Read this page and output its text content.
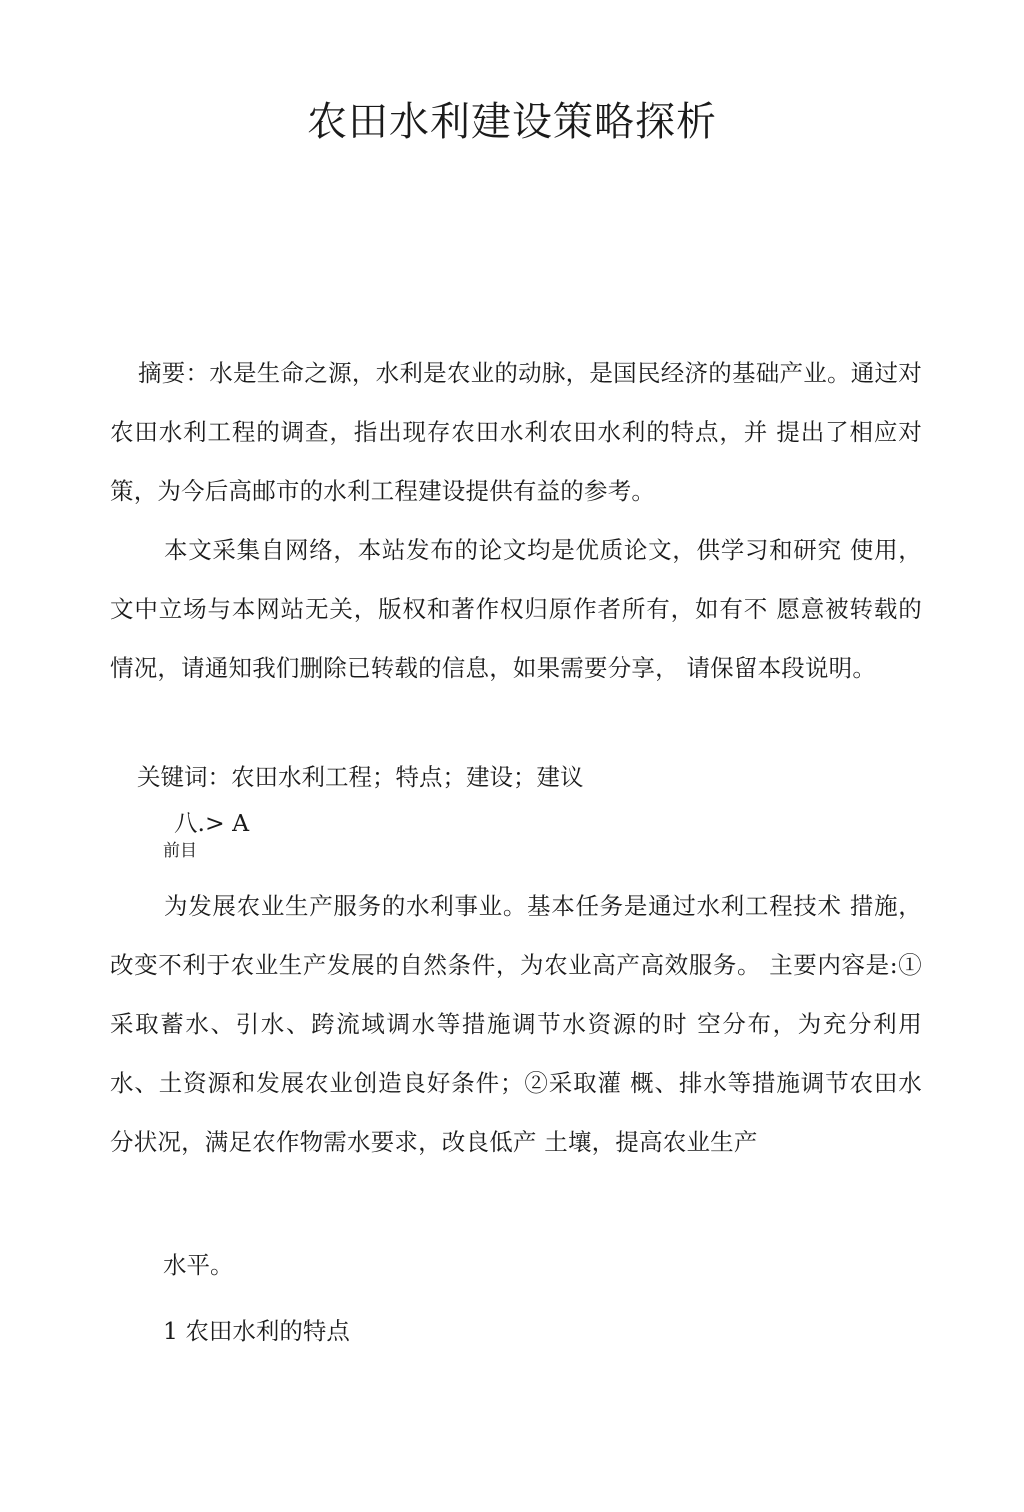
农田水利建设策略探析

摘要：水是生命之源，水利是农业的动脉，是国民经济的基础产业。通过对农田水利工程的调查，指出现存农田水利农田水利的特点，并 提出了相应对策，为今后高邮市的水利工程建设提供有益的参考。

本文采集自网络，本站发布的论文均是优质论文，供学习和研究 使用，文中立场与本网站无关，版权和著作权归原作者所有，如有不 愿意被转载的情况，请通知我们删除已转载的信息，如果需要分享， 请保留本段说明。

关键词：农田水利工程；特点；建设；建议

八.> A

前目

为发展农业生产服务的水利事业。基本任务是通过水利工程技术 措施，改变不利于农业生产发展的自然条件，为农业高产高效服务。 主要内容是:①采取蓄水、引水、跨流域调水等措施调节水资源的时 空分布，为充分利用水、土资源和发展农业创造良好条件；②采取灌 概、排水等措施调节农田水分状况，满足农作物需水要求，改良低产 土壤，提高农业生产

水平。

1 农田水利的特点
